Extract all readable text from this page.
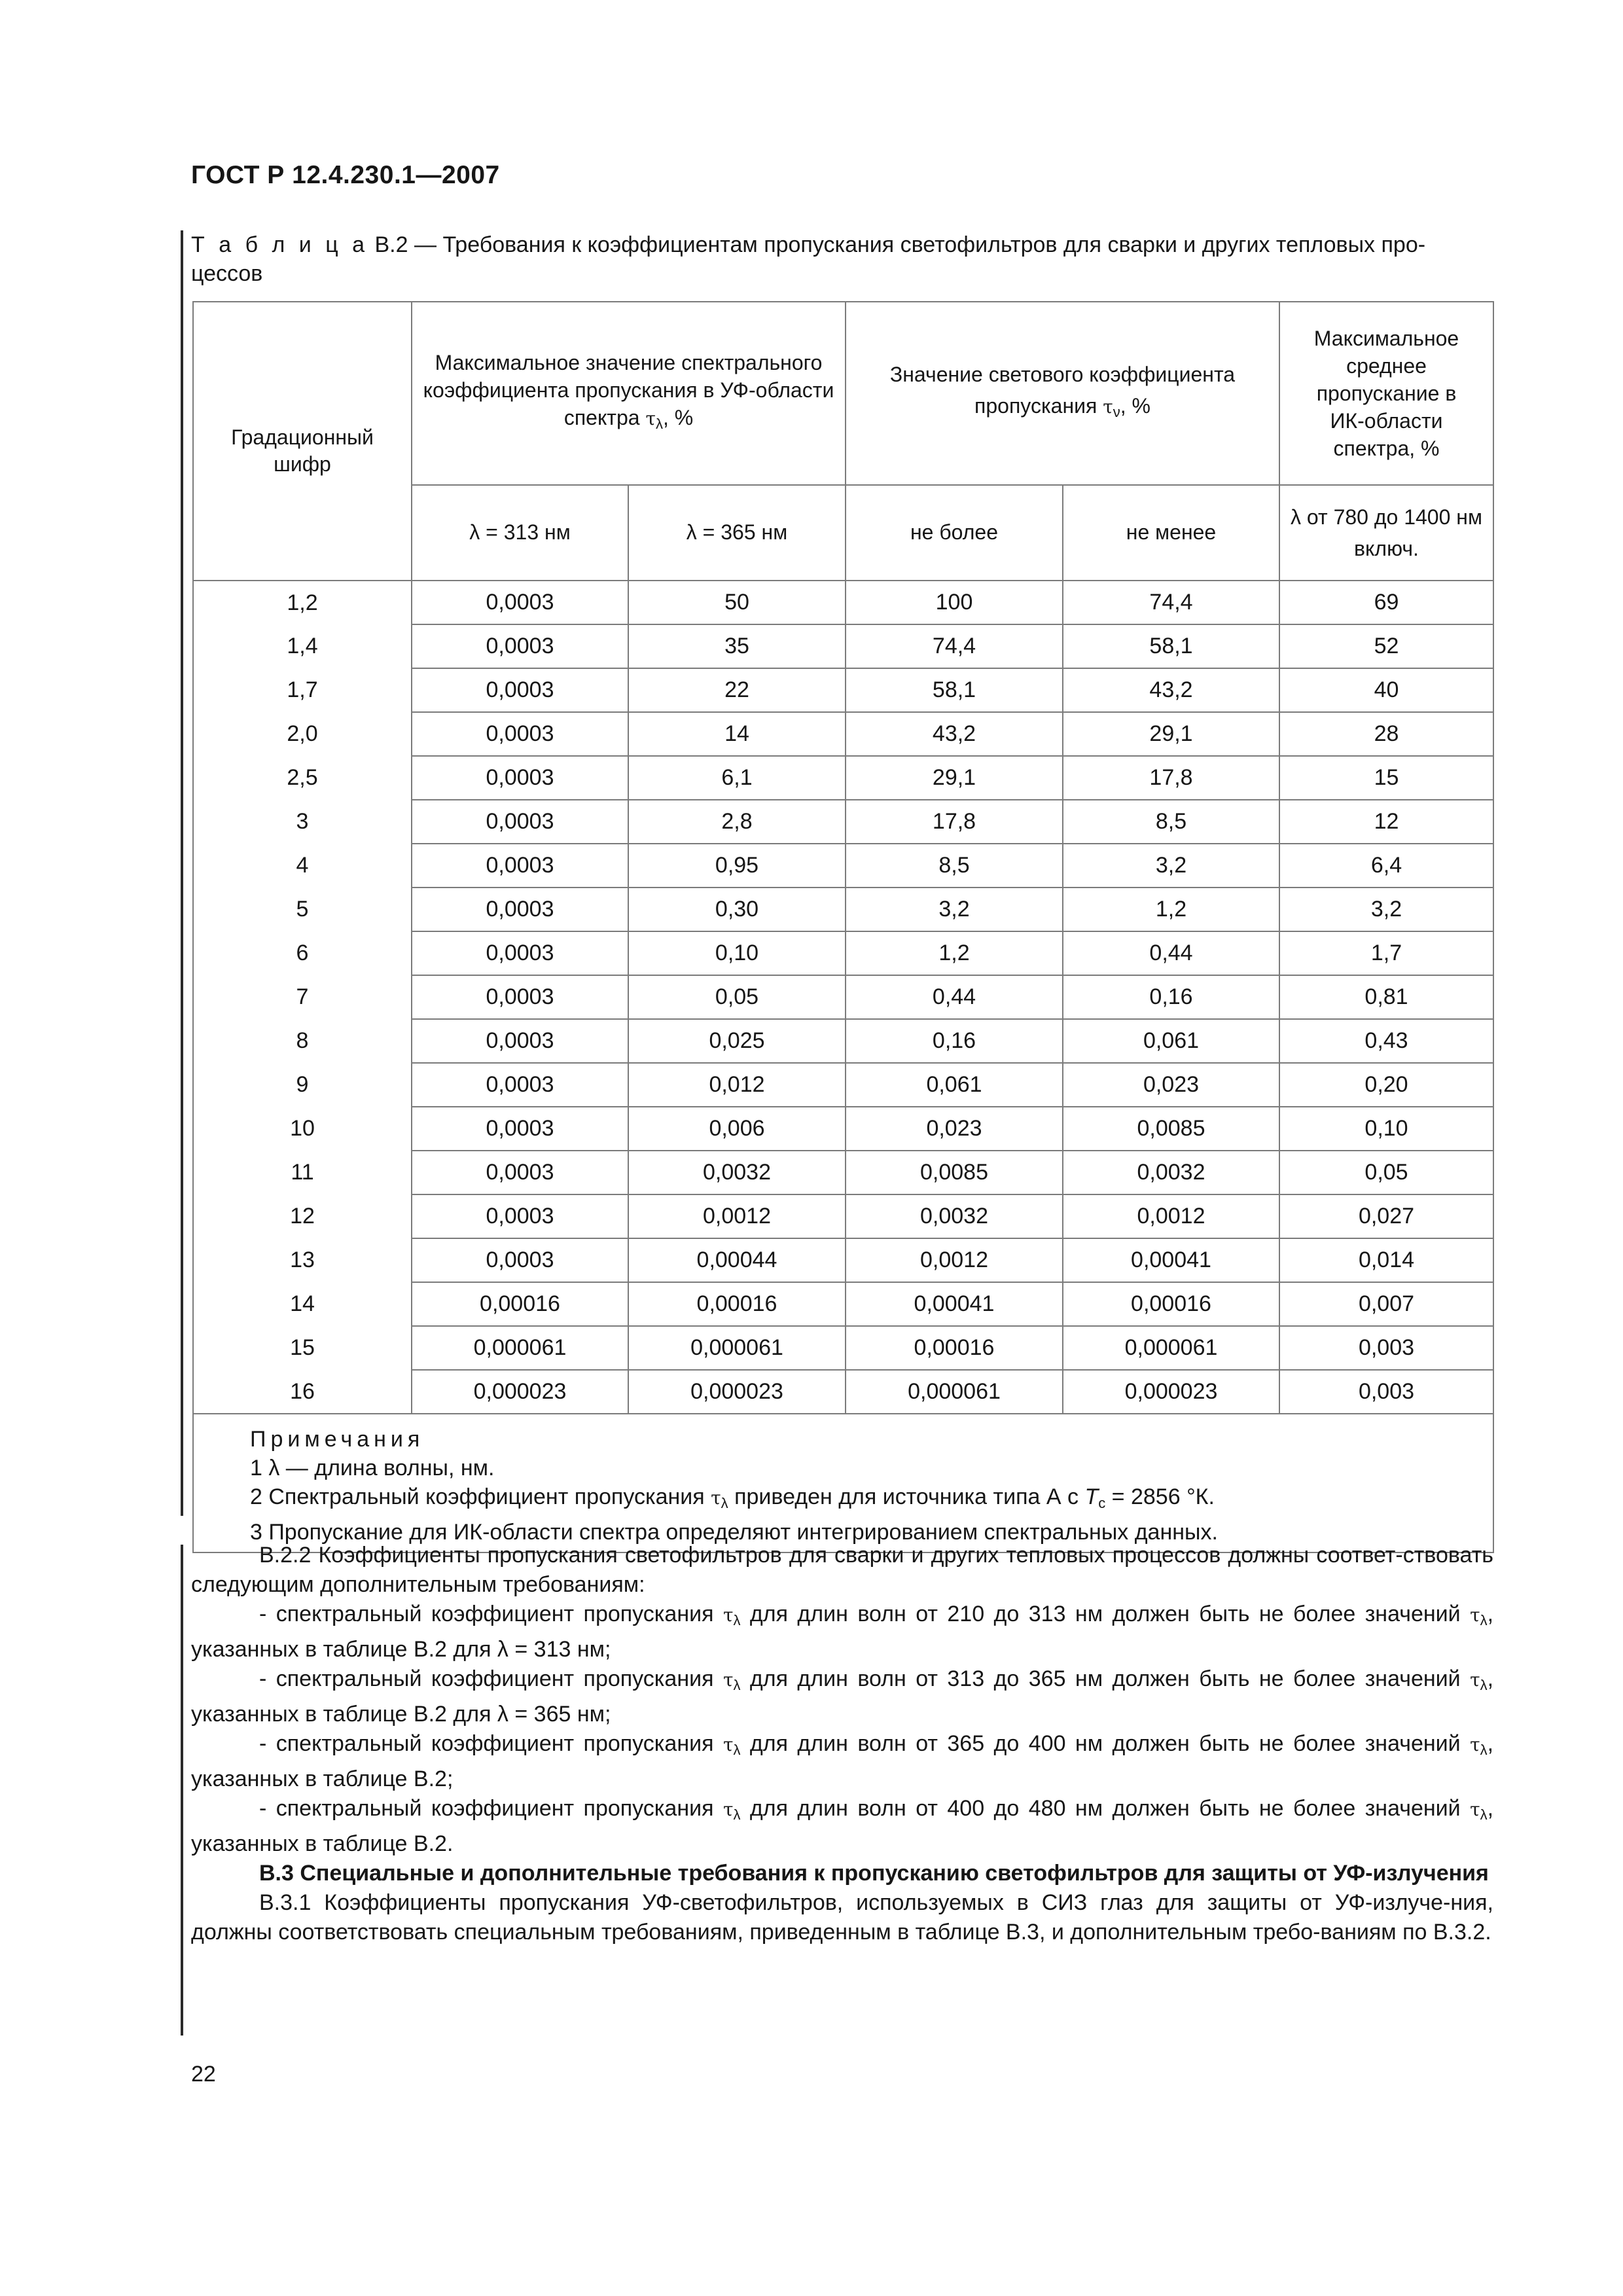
ГОСТ Р 12.4.230.1—2007
Т а б л и ц а В.2 — Требования к коэффициентам пропускания светофильтров для сварки и других тепловых про-
цессов
Градационный шифр	Максимальное значение спектрального коэффициента пропускания в УФ-области спектра $\tau_\lambda$, %		Значение светового коэффициента пропускания $\tau_\nu$, %		Максимальное среднее пропускание в ИК-области спектра, %

	λ = 313 нм	λ = 365 нм	не более	не менее	λ от 780 до 1400 нм включ.

1,2	0,0003	50	100	74,4	69
1,4	0,0003	35	74,4	58,1	52
1,7	0,0003	22	58,1	43,2	40
2,0	0,0003	14	43,2	29,1	28
2,5	0,0003	6,1	29,1	17,8	15
3	0,0003	2,8	17,8	8,5	12
4	0,0003	0,95	8,5	3,2	6,4
5	0,0003	0,30	3,2	1,2	3,2
6	0,0003	0,10	1,2	0,44	1,7
7	0,0003	0,05	0,44	0,16	0,81
8	0,0003	0,025	0,16	0,061	0,43
9	0,0003	0,012	0,061	0,023	0,20
10	0,0003	0,006	0,023	0,0085	0,10
11	0,0003	0,0032	0,0085	0,0032	0,05
12	0,0003	0,0012	0,0032	0,0012	0,027
13	0,0003	0,00044	0,0012	0,00041	0,014
14	0,00016	0,00016	0,00041	0,00016	0,007
15	0,000061	0,000061	0,00016	0,000061	0,003
16	0,000023	0,000023	0,000061	0,000023	0,003

Примечания
1 λ — длина волны, нм.
2 Спектральный коэффициент пропускания $\tau_\lambda$ приведен для источника типа А с $T_c = 2856$ °К.
3 Пропускание для ИК-области спектра определяют интегрированием спектральных данных.					

В.2.2 Коэффициенты пропускания светофильтров для сварки и других тепловых процессов должны соответ-ствовать следующим дополнительным требованиям:

- спектральный коэффициент пропускания $\tau_\lambda$ для длин волн от 210 до 313 нм должен быть не более значений $\tau_\lambda$, указанных в таблице В.2 для λ = 313 нм;

- спектральный коэффициент пропускания $\tau_\lambda$ для длин волн от 313 до 365 нм должен быть не более значений $\tau_\lambda$, указанных в таблице В.2 для λ = 365 нм;

- спектральный коэффициент пропускания $\tau_\lambda$ для длин волн от 365 до 400 нм должен быть не более значений $\tau_\lambda$, указанных в таблице В.2;

- спектральный коэффициент пропускания $\tau_\lambda$ для длин волн от 400 до 480 нм должен быть не более значений $\tau_\lambda$, указанных в таблице В.2.

В.3 Специальные и дополнительные требования к пропусканию светофильтров для защиты от УФ-излучения

В.3.1 Коэффициенты пропускания УФ-светофильтров, используемых в СИЗ глаз для защиты от УФ-излуче-ния, должны соответствовать специальным требованиям, приведенным в таблице В.3, и дополнительным требо-ваниям по В.3.2.

22
